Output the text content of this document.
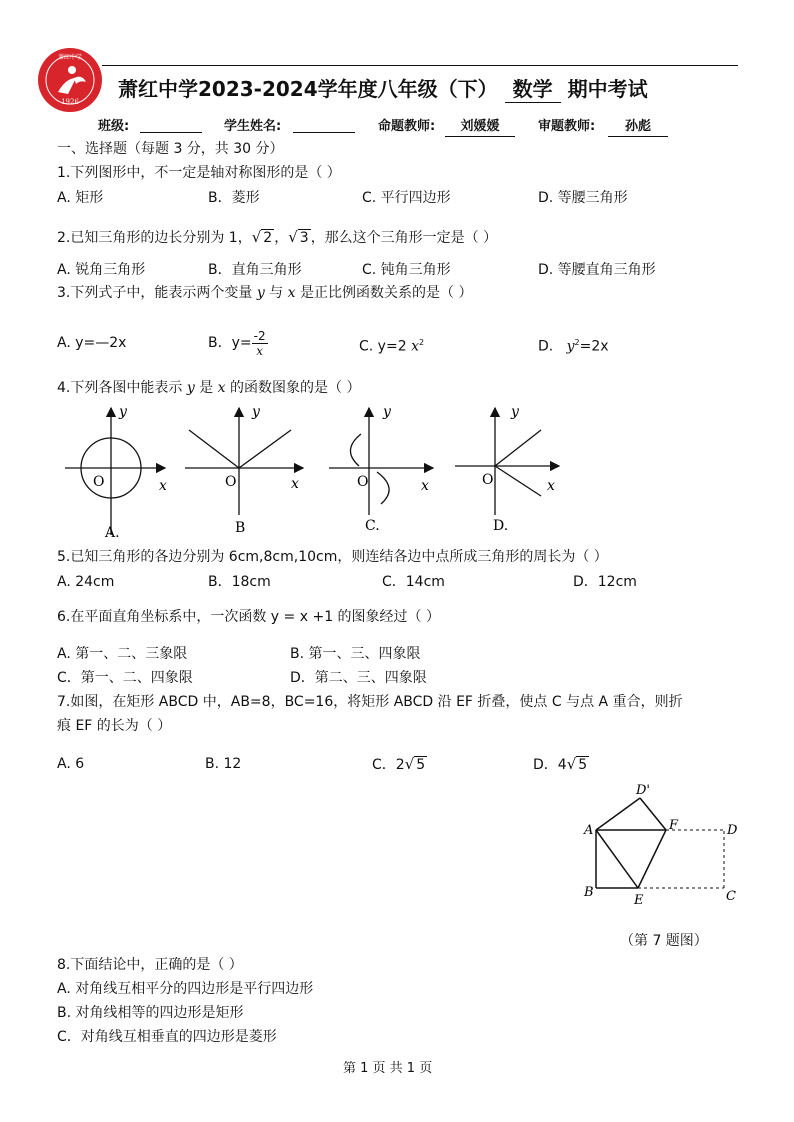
1926
萧红中学
萧红中学2023-2024学年度八年级（下） 数学 期中考试
班级:	学生姓名:	命题教师:	刘媛媛	审题教师:	孙彪
一、选择题（每题 3 分，共 30 分）
1.下列图形中，不一定是轴对称图形的是（ ）
A. 矩形	B．菱形	C. 平行四边形	D. 等腰三角形
2.已知三角形的边长分别为 1，√ 2 ，√ 3 ，那么这个三角形一定是（ ）
A. 锐角三角形	B．直角三角形	C. 钝角三角形	D. 等腰直角三角形
3.下列式子中，能表示两个变量 y 与 x 是正比例函数关系的是（ ）
A. y=—2x	B．$y= \frac{-2}{x}$	C. y=2 $x^2$	D. $y^2=2x$
4.下列各图中能表示 y 是 x 的函数图象的是（ ）
y
x
O
A.
y
x
O
B
y
x
O
C.
y
x
O
D.
5.已知三角形的各边分别为 6cm,8cm,10cm，则连结各边中点所成三角形的周长为（ ）
A. 24cm	B．18cm	C．14cm	D．12cm
6.在平面直角坐标系中，一次函数 y = x +1 的图象经过（ ）
A. 第一、二、三象限	B. 第一、三、四象限
C．第一、二、四象限	D．第二、三、四象限
7.如图，在矩形 ABCD 中，AB=8，BC=16，将矩形 ABCD 沿 EF 折叠，使点 C 与点 A 重合，则折
痕 EF 的长为（ ）
A. 6	B. 12	C．2√ 5	D．4√ 5
A
B
E
F	D
C
D'
（第 7 题图）
8.下面结论中，正确的是（ ）
A. 对角线互相平分的四边形是平行四边形
B. 对角线相等的四边形是矩形
C．对角线互相垂直的四边形是菱形
第 1 页 共 1 页
